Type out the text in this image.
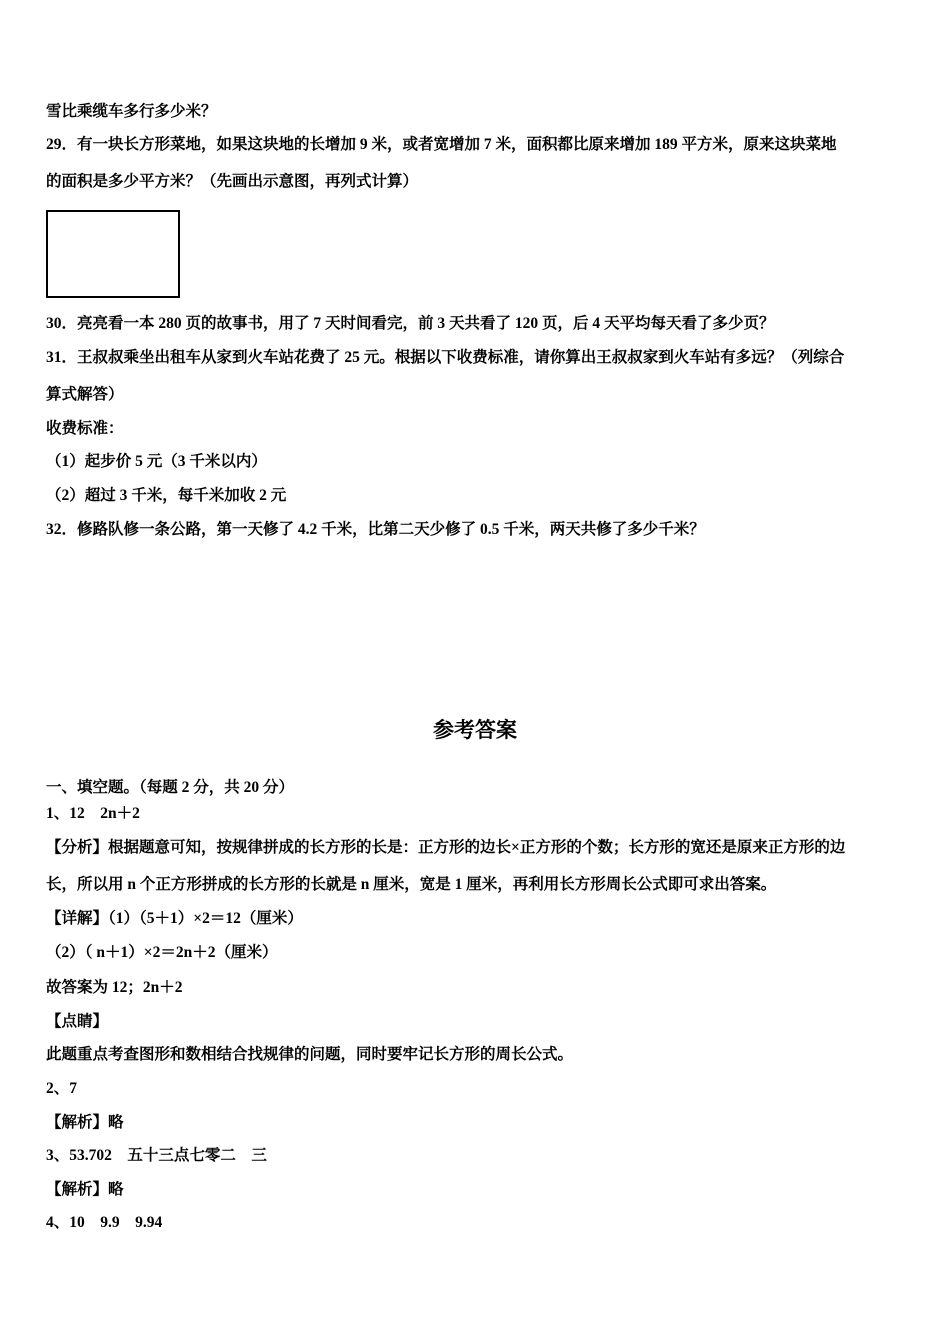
雪比乘缆车多行多少米？
29．有一块长方形菜地，如果这块地的长增加 9 米，或者宽增加 7 米，面积都比原来增加 189 平方米，原来这块菜地
的面积是多少平方米？（先画出示意图，再列式计算）
30．亮亮看一本 280 页的故事书，用了 7 天时间看完，前 3 天共看了 120 页，后 4 天平均每天看了多少页？
31．王叔叔乘坐出租车从家到火车站花费了 25 元。根据以下收费标准，请你算出王叔叔家到火车站有多远？（列综合
算式解答）
收费标准：
（1）起步价 5 元（3 千米以内）
（2）超过 3 千米，每千米加收 2 元
32．修路队修一条公路，第一天修了 4.2 千米，比第二天少修了 0.5 千米，两天共修了多少千米？
参考答案
一、填空题。（每题 2 分，共 20 分）
1、12　2n＋2
【分析】根据题意可知，按规律拼成的长方形的长是：正方形的边长×正方形的个数；长方形的宽还是原来正方形的边
长，所以用 n 个正方形拼成的长方形的长就是 n 厘米，宽是 1 厘米，再利用长方形周长公式即可求出答案。
【详解】（1）（5＋1）×2＝12（厘米）
（2）（ n＋1）×2＝2n＋2（厘米）
故答案为 12；2n＋2
【点睛】
此题重点考查图形和数相结合找规律的问题，同时要牢记长方形的周长公式。
2、7
【解析】略
3、53.702　五十三点七零二　三
【解析】略
4、10　9.9　9.94
